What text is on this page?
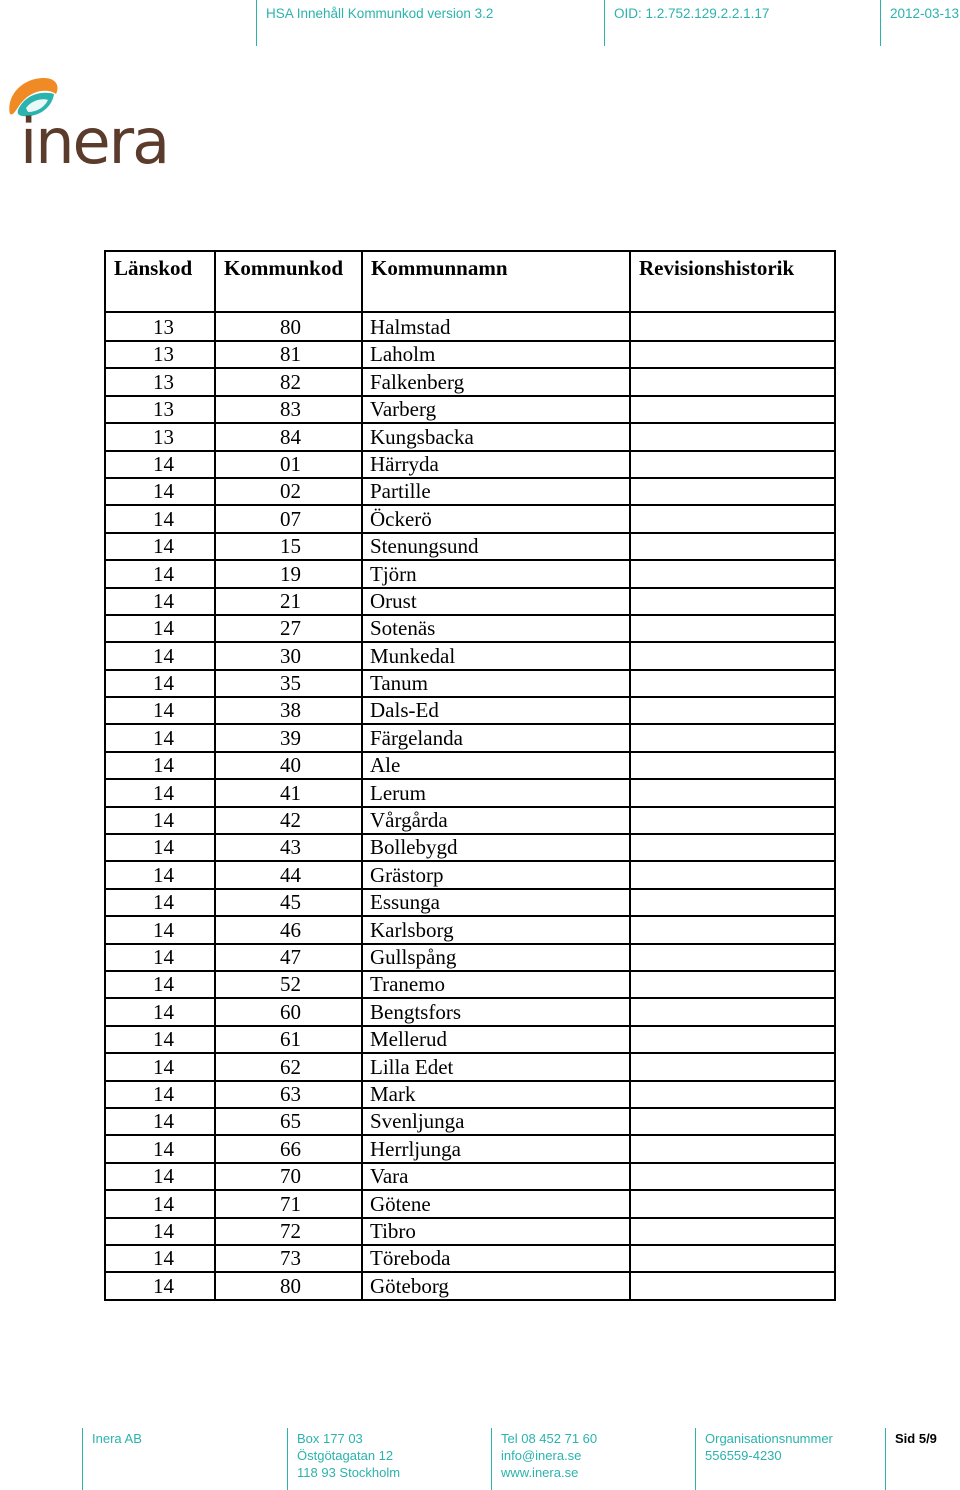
HSA Innehåll Kommunkod version 3.2	OID: 1.2.752.129.2.2.1.17	2012-03-13
inera
Länskod	Kommunkod	Kommunnamn	Revisionshistorik
13	80	Halmstad	
13	81	Laholm	
13	82	Falkenberg	
13	83	Varberg	
13	84	Kungsbacka	
14	01	Härryda	
14	02	Partille	
14	07	Öckerö	
14	15	Stenungsund	
14	19	Tjörn	
14	21	Orust	
14	27	Sotenäs	
14	30	Munkedal	
14	35	Tanum	
14	38	Dals-Ed	
14	39	Färgelanda	
14	40	Ale	
14	41	Lerum	
14	42	Vårgårda	
14	43	Bollebygd	
14	44	Grästorp	
14	45	Essunga	
14	46	Karlsborg	
14	47	Gullspång	
14	52	Tranemo	
14	60	Bengtsfors	
14	61	Mellerud	
14	62	Lilla Edet	
14	63	Mark	
14	65	Svenljunga	
14	66	Herrljunga	
14	70	Vara	
14	71	Götene	
14	72	Tibro	
14	73	Töreboda	
14	80	Göteborg	
Inera AB	Box 177 03
Östgötagatan 12
118 93 Stockholm
Tel 08 452 71 60
info@inera.se
www.inera.se
Organisationsnummer
556559-4230
Sid 5/9
